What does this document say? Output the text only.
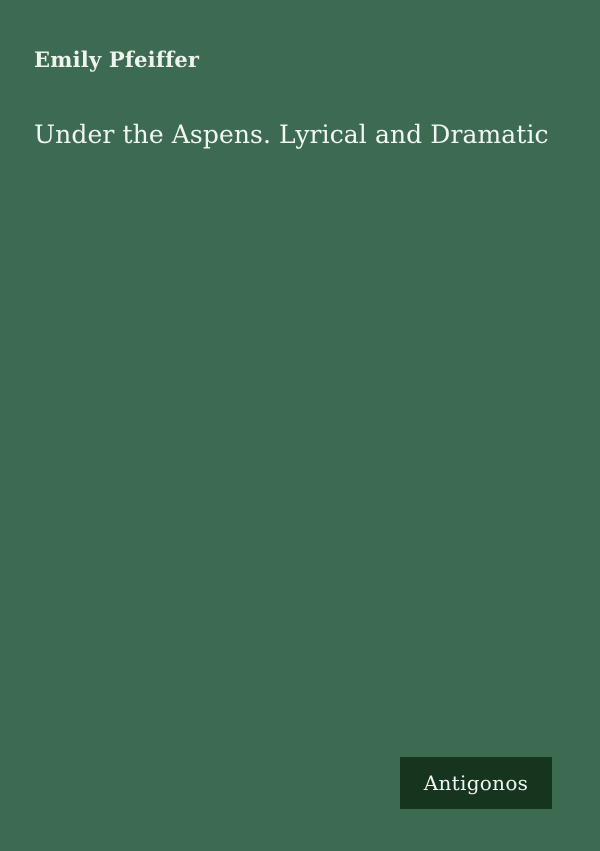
Emily Pfeiffer
Under the Aspens. Lyrical and Dramatic
Antigonos
